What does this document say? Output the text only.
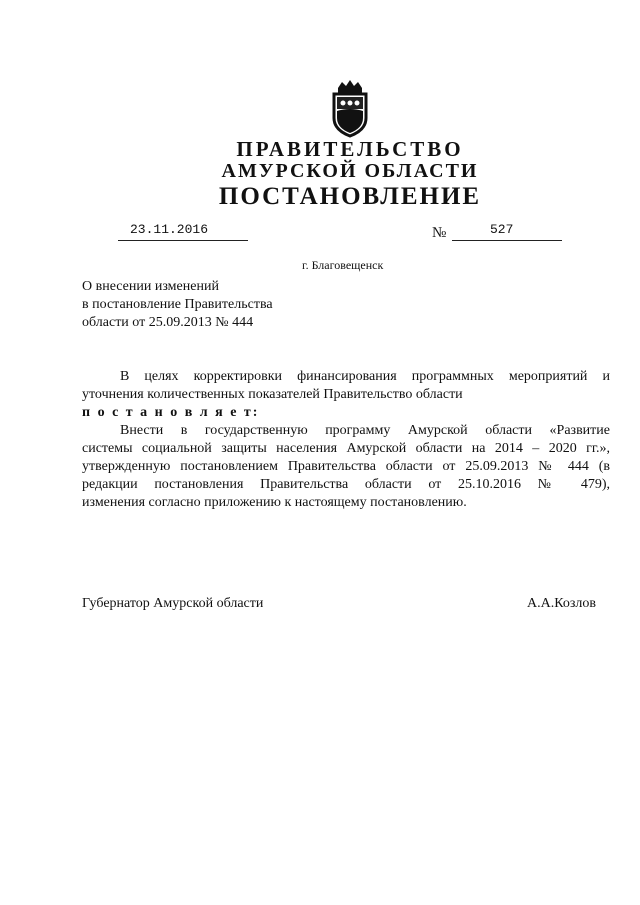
ПРАВИТЕЛЬСТВО
АМУРСКОЙ ОБЛАСТИ
ПОСТАНОВЛЕНИЕ
23.11.2016	№	527
г. Благовещенск
О внесении изменений
в постановление Правительства
области от 25.09.2013 № 444
В целях корректировки финансирования программных мероприятий и
уточнения количественных показателей Правительство области
п о с т а н о в л я е т:
Внести в государственную программу Амурской области «Развитие
системы социальной защиты населения Амурской области на 2014 – 2020 гг.»,
утвержденную постановлением Правительства области от 25.09.2013 № 444 (в
редакции постановления Правительства области от 25.10.2016 № 479),
изменения согласно приложению к настоящему постановлению.
Губернатор Амурской области	А.А.Козлов
